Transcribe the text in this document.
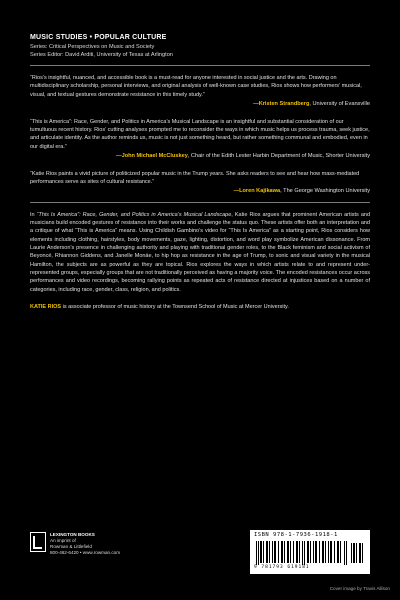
MUSIC STUDIES • POPULAR CULTURE
Series: Critical Perspectives on Music and Society
Series Editor: David Arditi, University of Texas at Arlington

“Rios’s insightful, nuanced, and accessible book is a must-read for anyone interested in social justice and the arts. Drawing on multidisciplinary scholarship, personal interviews, and original analysis of well-known case studies, Rios shows how performers’ musical, visual, and textual gestures demonstrate resistance in this timely study.”

—Kristen Strandberg, University of Evansville

“This is America”: Race, Gender, and Politics in America’s Musical Landscape is an insightful and substantial consideration of our tumultuous recent history. Rios’ cutting analyses prompted me to reconsider the ways in which music helps us process trauma, seek justice, and articulate identity. As the author reminds us, music is not just something heard, but rather something communal and embodied, even in our digital era.”

—John Michael McCluskey, Chair of the Edith Lester Harbin Department of Music, Shorter University

“Katie Rios paints a vivid picture of politicized popular music in the Trump years. She asks readers to see and hear how mass-mediated performances serve as sites of cultural resistance.”

—Loren Kajikawa, The George Washington University

In “This Is America”: Race, Gender, and Politics in America’s Musical Landscape, Katie Rios argues that prominent American artists and musicians build encoded gestures of resistance into their works and challenge the status quo. These artists offer both an interpretation and a critique of what “This is America” means. Using Childish Gambino’s video for “This Is America” as a starting point, Rios considers how elements including clothing, hairstyles, body movements, gaze, lighting, distortion, and word play symbolize American dissonance. From Laurie Anderson’s presence in challenging authority and playing with traditional gender roles, to the Black feminism and social activism of Beyoncé, Rhiannon Giddens, and Janelle Monáe, to hip hop as resistance in the age of Trump, to sonic and visual variety in the musical Hamilton, the subjects are as powerful as they are topical. Rios explores the ways in which artists relate to and represent under-represented groups, especially groups that are not traditionally perceived as having a majority voice. The encoded resistances occur across performances and video recordings, becoming rallying points as repeated acts of resistance directed at injustices based on a number of categories, including race, gender, class, religion, and politics.

KATIE RIOS is associate professor of music history at the Townsend School of Music at Mercer University.

LEXINGTON BOOKS
An imprint of
Rowman & Littlefield
800-462-6420 • www.rowman.com
ISBN 978-1-7936-1918-1
9 781793 619181
Cover image by Travis Allison
